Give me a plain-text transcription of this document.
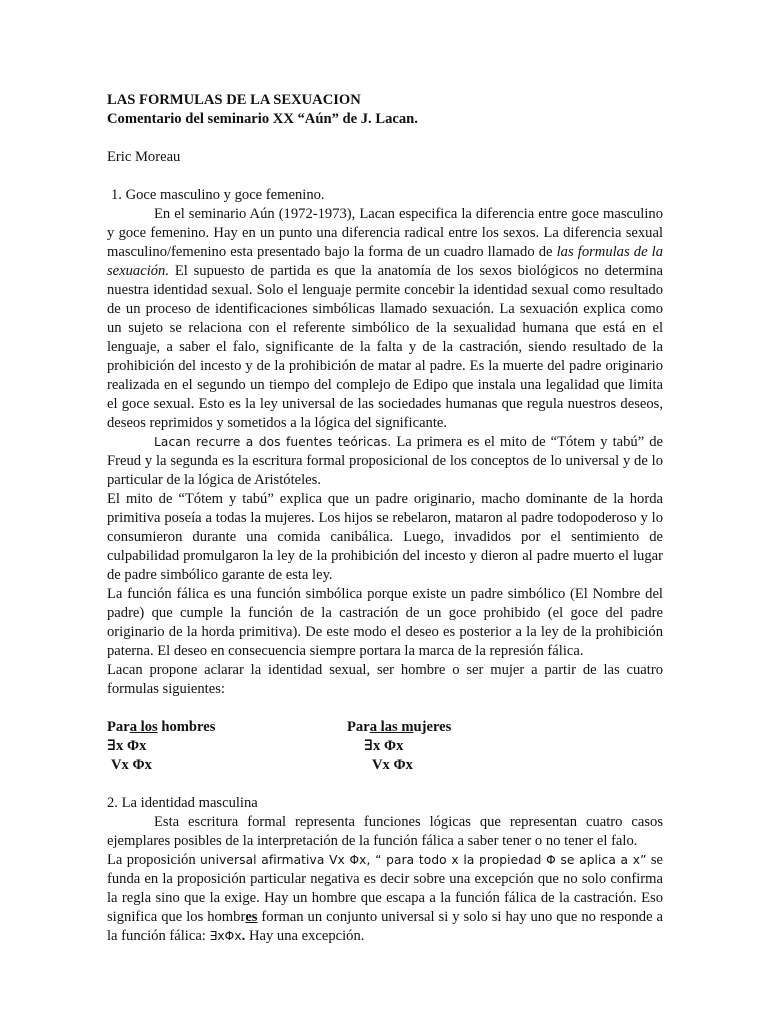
LAS FORMULAS DE LA SEXUACION
Comentario del seminario XX “Aún” de J. Lacan.
Eric Moreau
1. Goce masculino y goce femenino.

En el seminario Aún (1972-1973), Lacan especifica la diferencia entre goce masculino y goce femenino. Hay en un punto una diferencia radical entre los sexos. La diferencia sexual masculino/femenino esta presentado bajo la forma de un cuadro llamado de las formulas de la sexuación. El supuesto de partida es que la anatomía de los sexos biológicos no determina nuestra identidad sexual. Solo el lenguaje permite concebir la identidad sexual como resultado de un proceso de identificaciones simbólicas llamado sexuación. La sexuación explica como un sujeto se relaciona con el referente simbólico de la sexualidad humana que está en el lenguaje, a saber el falo, significante de la falta y de la castración, siendo resultado de la prohibición del incesto y de la prohibición de matar al padre. Es la muerte del padre originario realizada en el segundo un tiempo del complejo de Edipo que instala una legalidad que limita el goce sexual. Esto es la ley universal de las sociedades humanas que regula nuestros deseos, deseos reprimidos y sometidos a la lógica del significante.

Lacan recurre a dos fuentes teóricas. La primera es el mito de “Tótem y tabú” de Freud y la segunda es la escritura formal proposicional de los conceptos de lo universal y de lo particular de la lógica de Aristóteles.

El mito de “Tótem y tabú” explica que un padre originario, macho dominante de la horda primitiva poseía a todas la mujeres. Los hijos se rebelaron, mataron al padre todopoderoso y lo consumieron durante una comida canibálica. Luego, invadidos por el sentimiento de culpabilidad promulgaron la ley de la prohibición del incesto y dieron al padre muerto el lugar de padre simbólico garante de esta ley.

La función fálica es una función simbólica porque existe un padre simbólico (El Nombre del padre) que cumple la función de la castración de un goce prohibido (el goce del padre originario de la horda primitiva). De este modo el deseo es posterior a la ley de la prohibición paterna. El deseo en consecuencia siempre portara la marca de la represión fálica.

Lacan propone aclarar la identidad sexual, ser hombre o ser mujer a partir de las cuatro formulas siguientes:

Para los hombres	Para las mujeres
∃x Φx	∃x Φx
Vx Φx	Vx Φx
2. La identidad masculina

Esta escritura formal representa funciones lógicas que representan cuatro casos ejemplares posibles de la interpretación de la función fálica a saber tener o no tener el falo.

La proposición universal afirmativa Vx Φx, “ para todo x la propiedad Φ se aplica a x” se funda en la proposición particular negativa es decir sobre una excepción que no solo confirma la regla sino que la exige. Hay un hombre que escapa a la función fálica de la castración. Eso significa que los hombres forman un conjunto universal si y solo si hay uno que no responde a la función fálica: ∃xΦx. Hay una excepción.
